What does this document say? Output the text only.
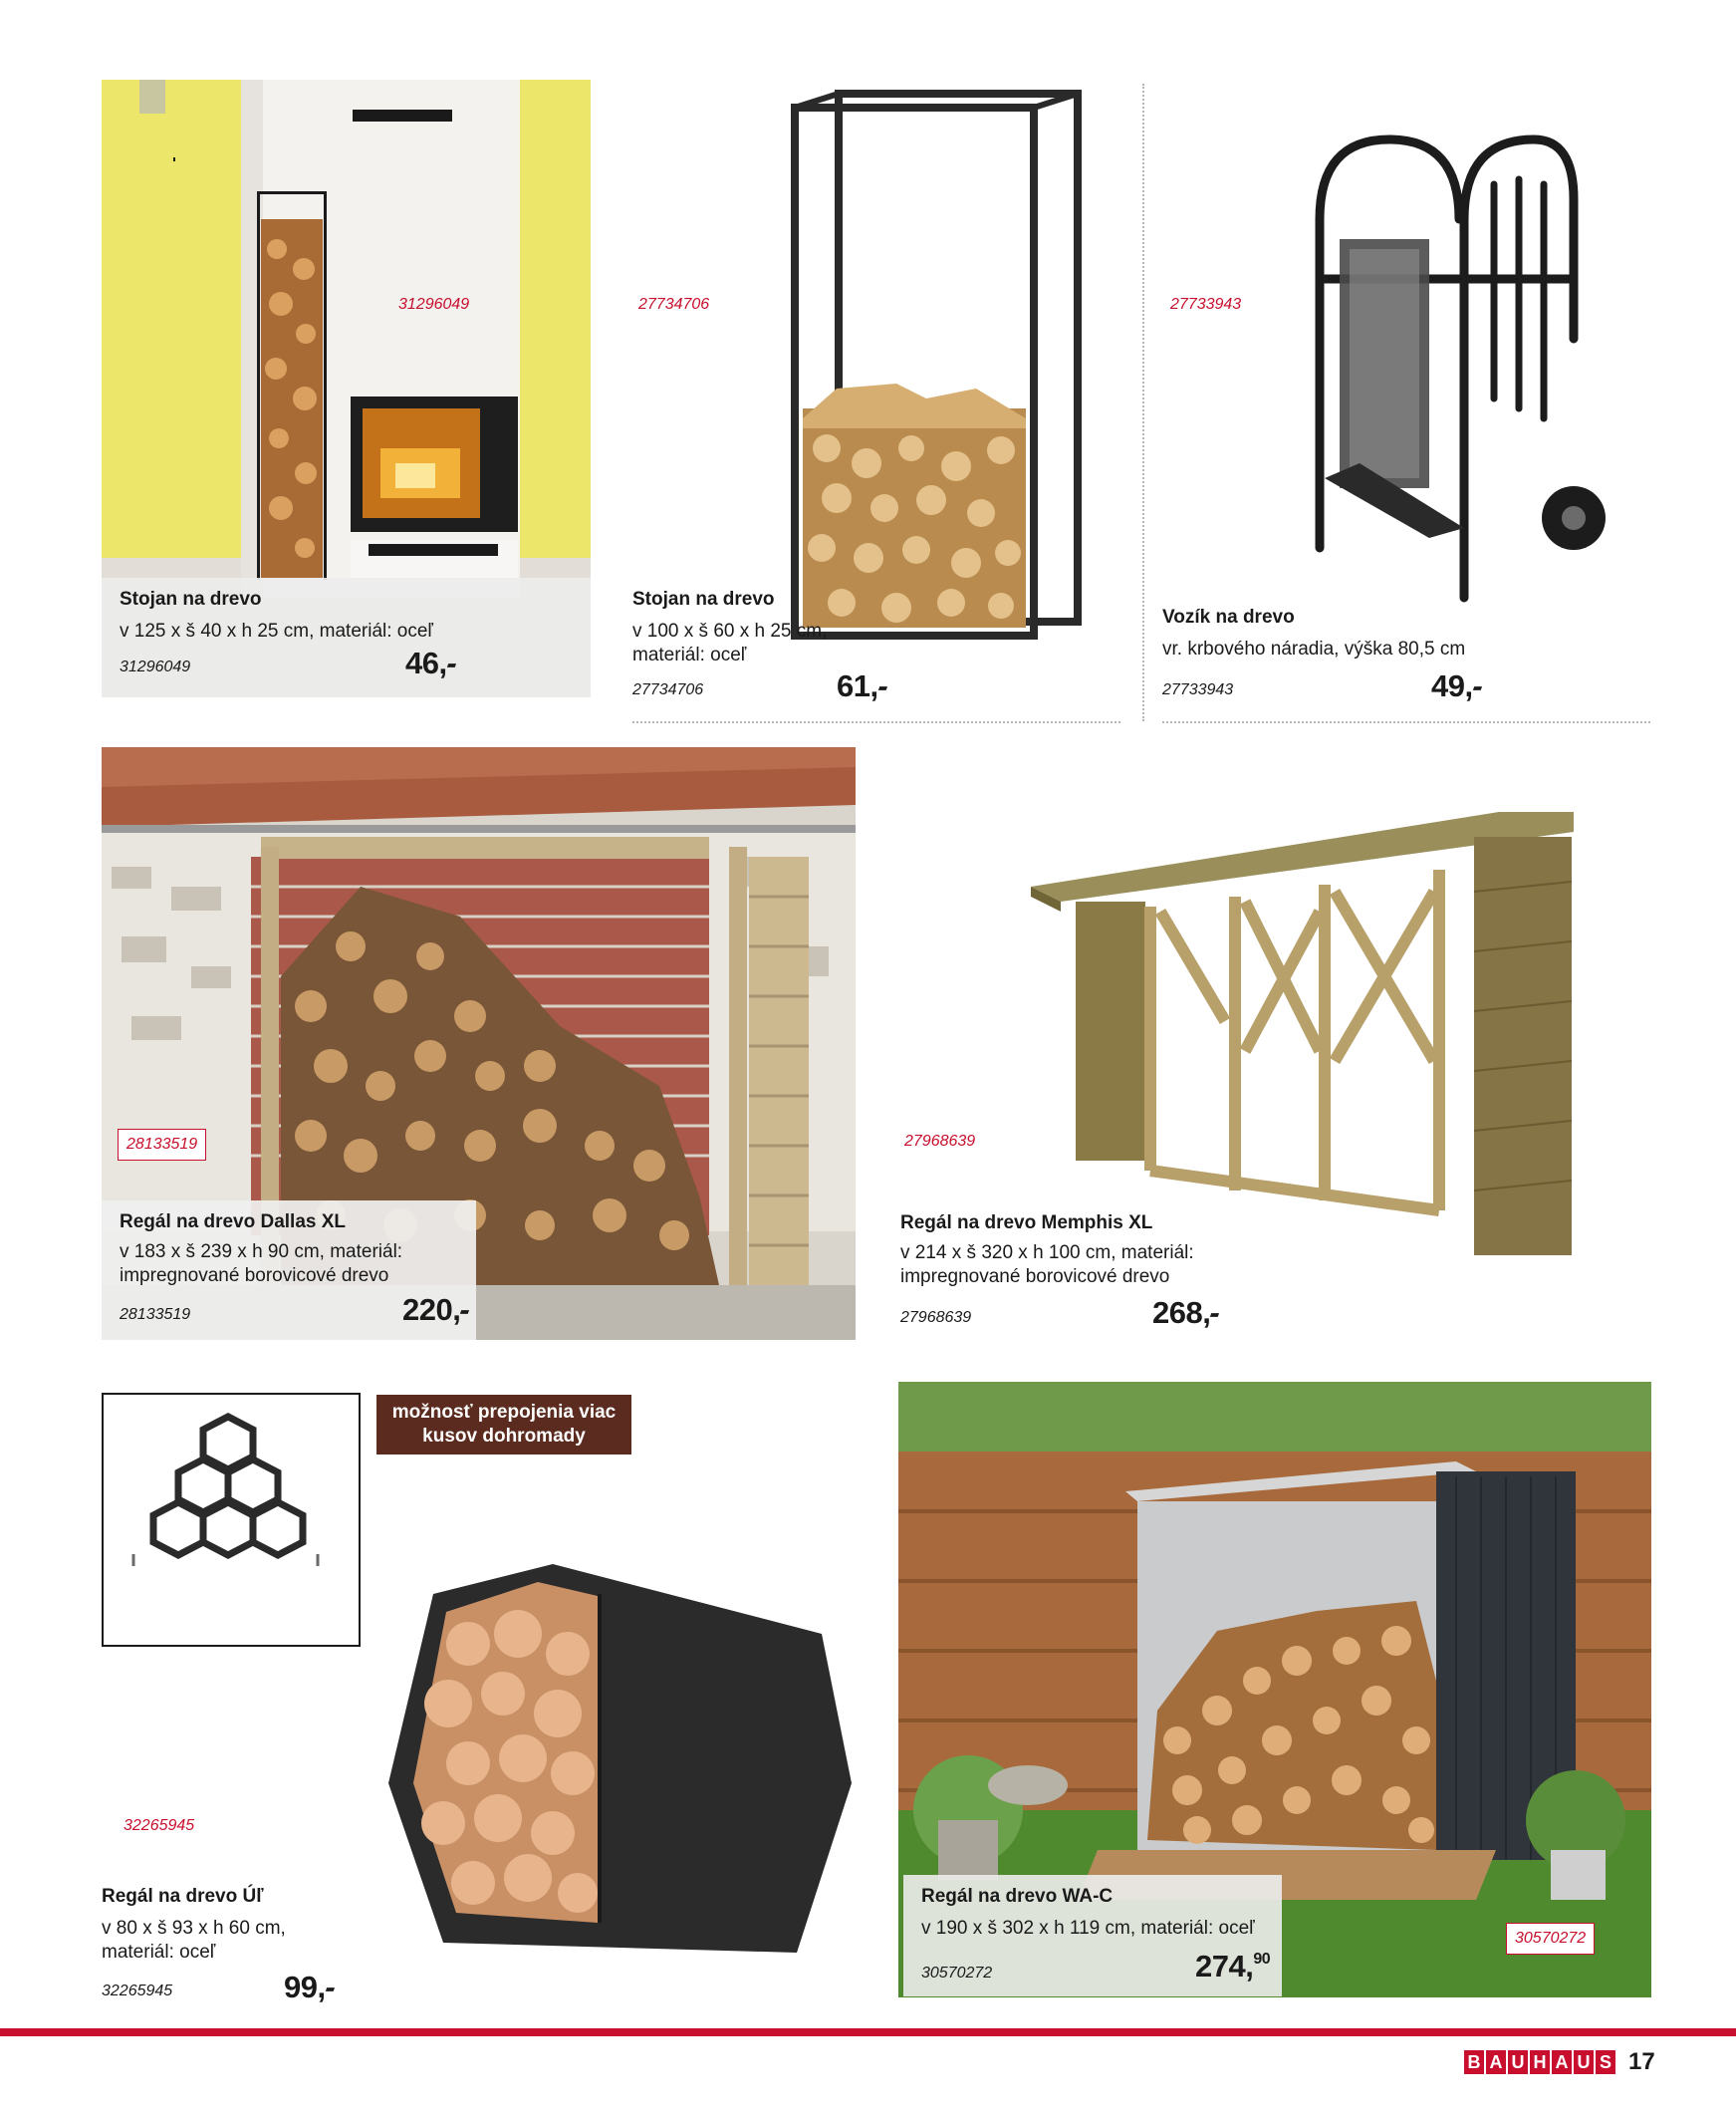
31296049
Stojan na drevo
v 125 x š 40 x h 25 cm, materiál: oceľ
31296049	46,-
27734706
Stojan na drevo
v 100 x š 60 x h 25 cm,
materiál: oceľ
27734706	61,-
27733943
Vozík na drevo
vr. krbového náradia, výška 80,5 cm
27733943	49,-
28133519
Regál na drevo Dallas XL
v 183 x š 239 x h 90 cm, materiál:
impregnované borovicové drevo
28133519	220,-
27968639
Regál na drevo Memphis XL
v 214 x š 320 x h 100 cm, materiál:
impregnované borovicové drevo
27968639	268,-
možnosť prepojenia viac
kusov dohromady
32265945
Regál na drevo Úľ
v 80 x š 93 x h 60 cm,
materiál: oceľ
32265945	99,-
Regál na drevo WA-C
v 190 x š 302 x h 119 cm, materiál: oceľ
30570272	274,90
30570272
B A U H A U S 17
